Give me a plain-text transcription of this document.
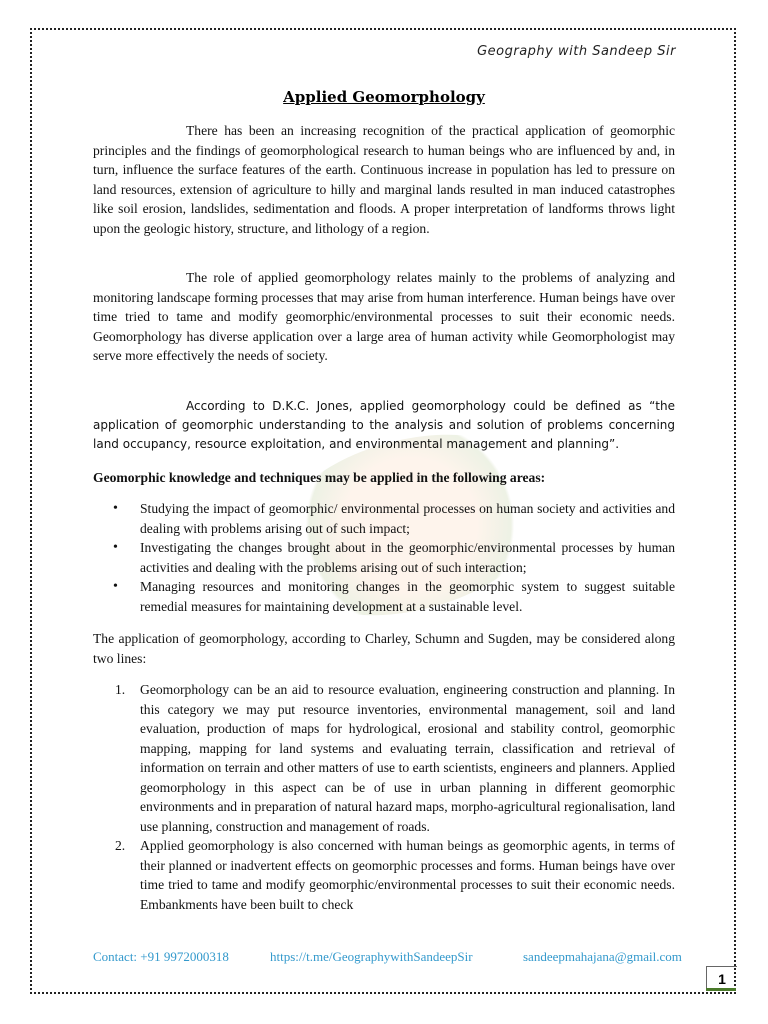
Geography with Sandeep Sir
Applied Geomorphology
There has been an increasing recognition of the practical application of geomorphic principles and the findings of geomorphological research to human beings who are influenced by and, in turn, influence the surface features of the earth. Continuous increase in population has led to pressure on land resources, extension of agriculture to hilly and marginal lands resulted in man induced catastrophes like soil erosion, landslides, sedimentation and floods. A proper interpretation of landforms throws light upon the geologic history, structure, and lithology of a region.
The role of applied geomorphology relates mainly to the problems of analyzing and monitoring landscape forming processes that may arise from human interference. Human beings have over time tried to tame and modify geomorphic/environmental processes to suit their economic needs. Geomorphology has diverse application over a large area of human activity while Geomorphologist may serve more effectively the needs of society.
According to D.K.C. Jones, applied geomorphology could be defined as “the application of geomorphic understanding to the analysis and solution of problems concerning land occupancy, resource exploitation, and environmental management and planning”.
Geomorphic knowledge and techniques may be applied in the following areas:
• Studying the impact of geomorphic/ environmental processes on human society and activities and dealing with problems arising out of such impact;
• Investigating the changes brought about in the geomorphic/environmental processes by human activities and dealing with the problems arising out of such interaction;
• Managing resources and monitoring changes in the geomorphic system to suggest suitable remedial measures for maintaining development at a sustainable level.
The application of geomorphology, according to Charley, Schumn and Sugden, may be considered along two lines:
1. Geomorphology can be an aid to resource evaluation, engineering construction and planning. In this category we may put resource inventories, environmental management, soil and land evaluation, production of maps for hydrological, erosional and stability control, geomorphic mapping, mapping for land systems and evaluating terrain, classification and retrieval of information on terrain and other matters of use to earth scientists, engineers and planners. Applied geomorphology in this aspect can be of use in urban planning in different geomorphic environments and in preparation of natural hazard maps, morpho-agricultural regionalisation, land use planning, construction and management of roads.
2. Applied geomorphology is also concerned with human beings as geomorphic agents, in terms of their planned or inadvertent effects on geomorphic processes and forms. Human beings have over time tried to tame and modify geomorphic/environmental processes to suit their economic needs. Embankments have been built to check
Contact: +91 9972000318	https://t.me/GeographywithSandeepSir	sandeepmahajana@gmail.com
1
